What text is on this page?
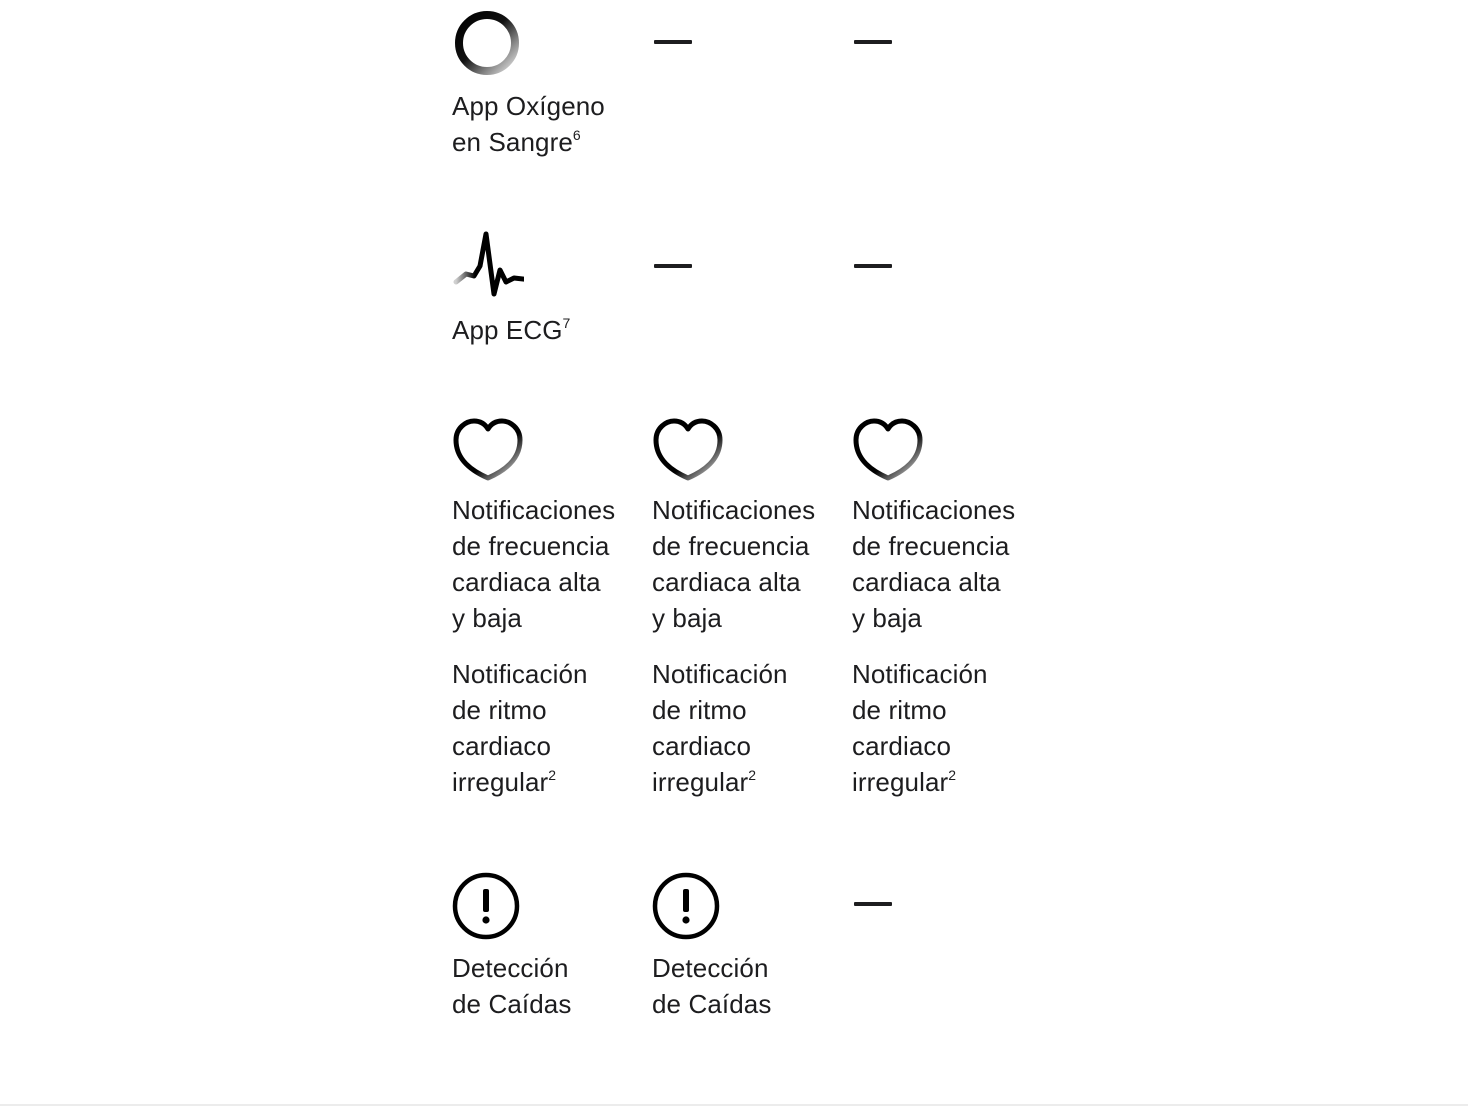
App Oxígeno
en Sangre$^6$
App ECG$^7$
Notificaciones
de frecuencia
cardiaca alta
y baja
Notificación
de ritmo
cardiaco
irregular$^2$
Notificaciones
de frecuencia
cardiaca alta
y baja
Notificación
de ritmo
cardiaco
irregular$^2$
Notificaciones
de frecuencia
cardiaca alta
y baja
Notificación
de ritmo
cardiaco
irregular$^2$
Detección
de Caídas
Detección
de Caídas
